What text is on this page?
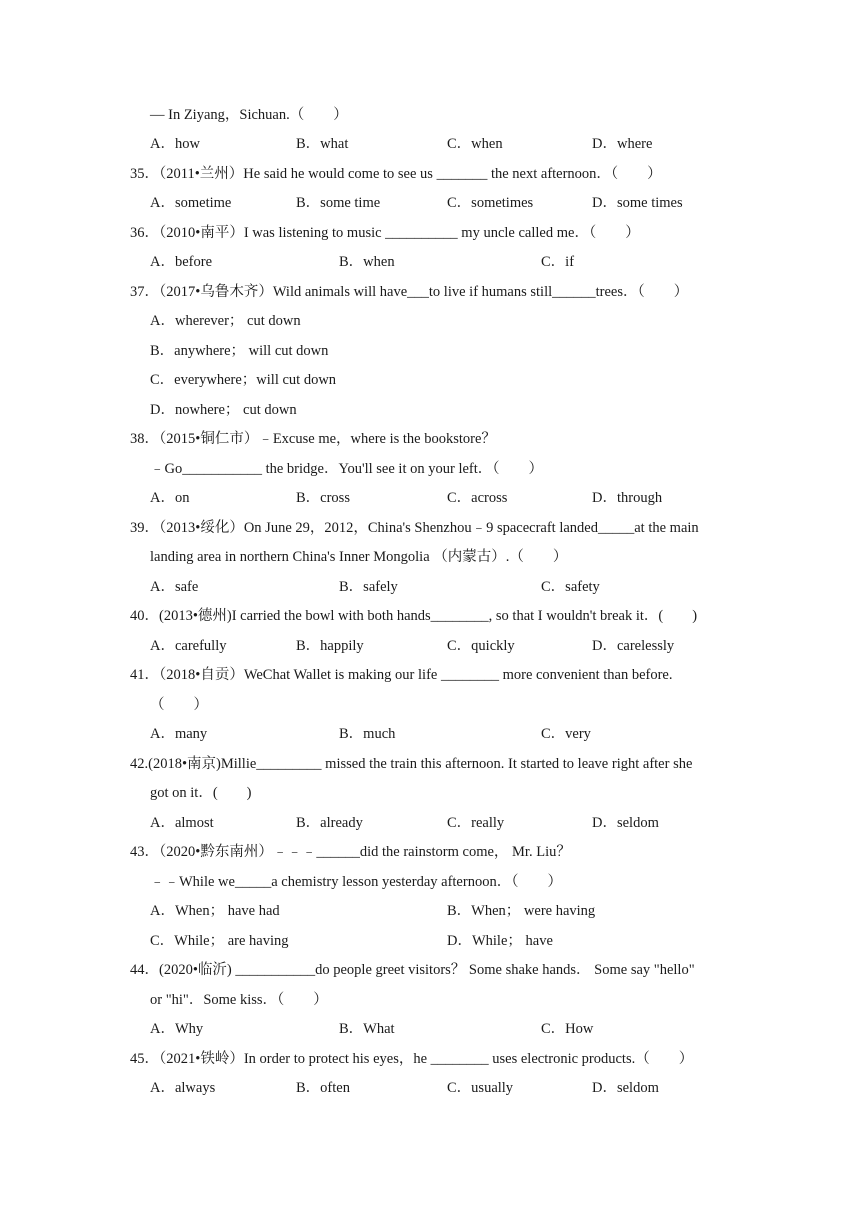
— In Ziyang，Sichuan.（　　）
A．how	B．what	C．when	D．where
35．（2011•兰州）He said he would come to see us _______ the next afternoon．（　　）
A．sometime	B．some time	C．sometimes	D．some times
36．（2010•南平）I was listening to music __________ my uncle called me．（　　）
A．before	B．when	C．if
37．（2017•乌鲁木齐）Wild animals will have___to live if humans still______trees．（　　）
A．wherever； cut down
B．anywhere； will cut down
C．everywhere；will cut down
D．nowhere； cut down
38．（2015•铜仁市）﹣Excuse me，where is the bookstore？
﹣Go___________ the bridge．You'll see it on your left．（　　）
A．on	B．cross	C．across	D．through
39．（2013•绥化）On June 29，2012，China's Shenzhou﹣9 spacecraft landed_____at the main
landing area in northern China's Inner Mongolia （内蒙古）.（　　）
A．safe	B．safely	C．safety
40．(2013•德州)I carried the bowl with both hands________, so that I wouldn't break it．(　　)
A．carefully	B．happily	C．quickly	D．carelessly
41．（2018•自贡）WeChat Wallet is making our life ________ more convenient than before.
（　　）
A．many	B．much	C．very
42.(2018•南京)Millie_________ missed the train this afternoon. It started to leave right after she
got on it．(　　)
A．almost	B．already	C．really	D．seldom
43．（2020•黔东南州）﹣﹣﹣______did the rainstorm come， Mr. Liu？
﹣﹣While we_____a chemistry lesson yesterday afternoon．（　　）
A．When； have had	B．When； were having
C．While； are having	D．While； have
44．(2020•临沂) ___________do people greet visitors？ Some shake hands． Some say "hello"
or "hi"．Some kiss．（　　）
A．Why	B．What	C．How
45．（2021•铁岭）In order to protect his eyes，he ________ uses electronic products.（　　）
A．always	B．often	C．usually	D．seldom
